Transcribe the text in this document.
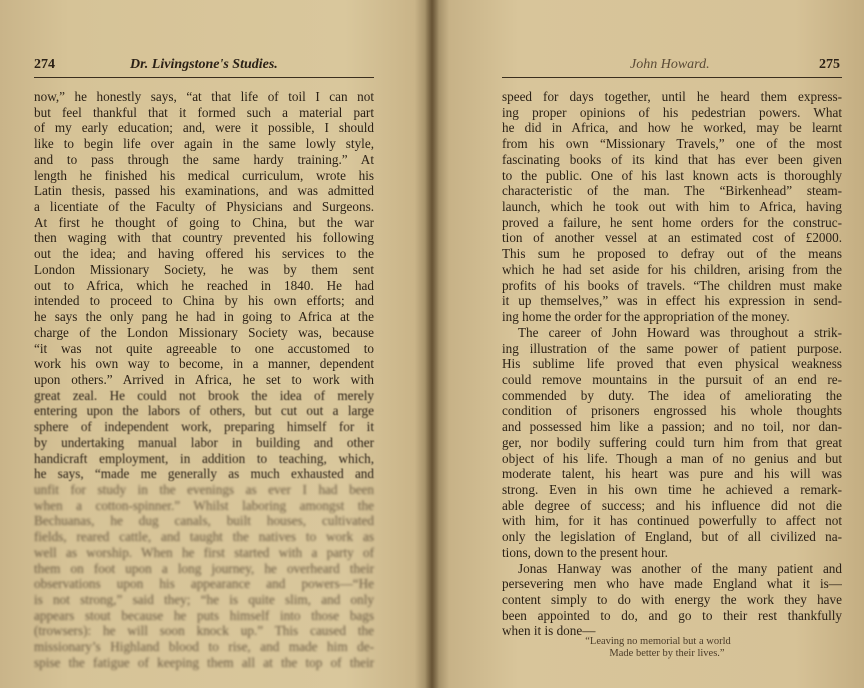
274	Dr. Livingstone's Studies.
now,” he honestly says, “at that life of toil I can not
but feel thankful that it formed such a material part
of my early education; and, were it possible, I should
like to begin life over again in the same lowly style,
and to pass through the same hardy training.” At
length he finished his medical curriculum, wrote his
Latin thesis, passed his examinations, and was admitted
a licentiate of the Faculty of Physicians and Surgeons.
At first he thought of going to China, but the war
then waging with that country prevented his following
out the idea; and having offered his services to the
London Missionary Society, he was by them sent
out to Africa, which he reached in 1840. He had
intended to proceed to China by his own efforts; and
he says the only pang he had in going to Africa at the
charge of the London Missionary Society was, because
“it was not quite agreeable to one accustomed to
work his own way to become, in a manner, dependent
upon others.” Arrived in Africa, he set to work with
great zeal. He could not brook the idea of merely
entering upon the labors of others, but cut out a large
sphere of independent work, preparing himself for it
by undertaking manual labor in building and other
handicraft employment, in addition to teaching, which,
he says, “made me generally as much exhausted and
unfit for study in the evenings as ever I had been
when a cotton-spinner.” Whilst laboring amongst the
Bechuanas, he dug canals, built houses, cultivated
fields, reared cattle, and taught the natives to work as
well as worship. When he first started with a party of
them on foot upon a long journey, he overheard their
observations upon his appearance and powers—“He
is not strong,” said they; “he is quite slim, and only
appears stout because he puts himself into those bags
(trowsers): he will soon knock up.” This caused the
missionary’s Highland blood to rise, and made him de-
spise the fatigue of keeping them all at the top of their
John Howard.	275
speed for days together, until he heard them express-
ing proper opinions of his pedestrian powers. What
he did in Africa, and how he worked, may be learnt
from his own “Missionary Travels,” one of the most
fascinating books of its kind that has ever been given
to the public. One of his last known acts is thoroughly
characteristic of the man. The “Birkenhead” steam-
launch, which he took out with him to Africa, having
proved a failure, he sent home orders for the construc-
tion of another vessel at an estimated cost of £2000.
This sum he proposed to defray out of the means
which he had set aside for his children, arising from the
profits of his books of travels. “The children must make
it up themselves,” was in effect his expression in send-
ing home the order for the appropriation of the money.
The career of John Howard was throughout a strik-
ing illustration of the same power of patient purpose.
His sublime life proved that even physical weakness
could remove mountains in the pursuit of an end re-
commended by duty. The idea of ameliorating the
condition of prisoners engrossed his whole thoughts
and possessed him like a passion; and no toil, nor dan-
ger, nor bodily suffering could turn him from that great
object of his life. Though a man of no genius and but
moderate talent, his heart was pure and his will was
strong. Even in his own time he achieved a remark-
able degree of success; and his influence did not die
with him, for it has continued powerfully to affect not
only the legislation of England, but of all civilized na-
tions, down to the present hour.
Jonas Hanway was another of the many patient and
persevering men who have made England what it is—
content simply to do with energy the work they have
been appointed to do, and go to their rest thankfully
when it is done—
“Leaving no memorial but a world
Made better by their lives.”
